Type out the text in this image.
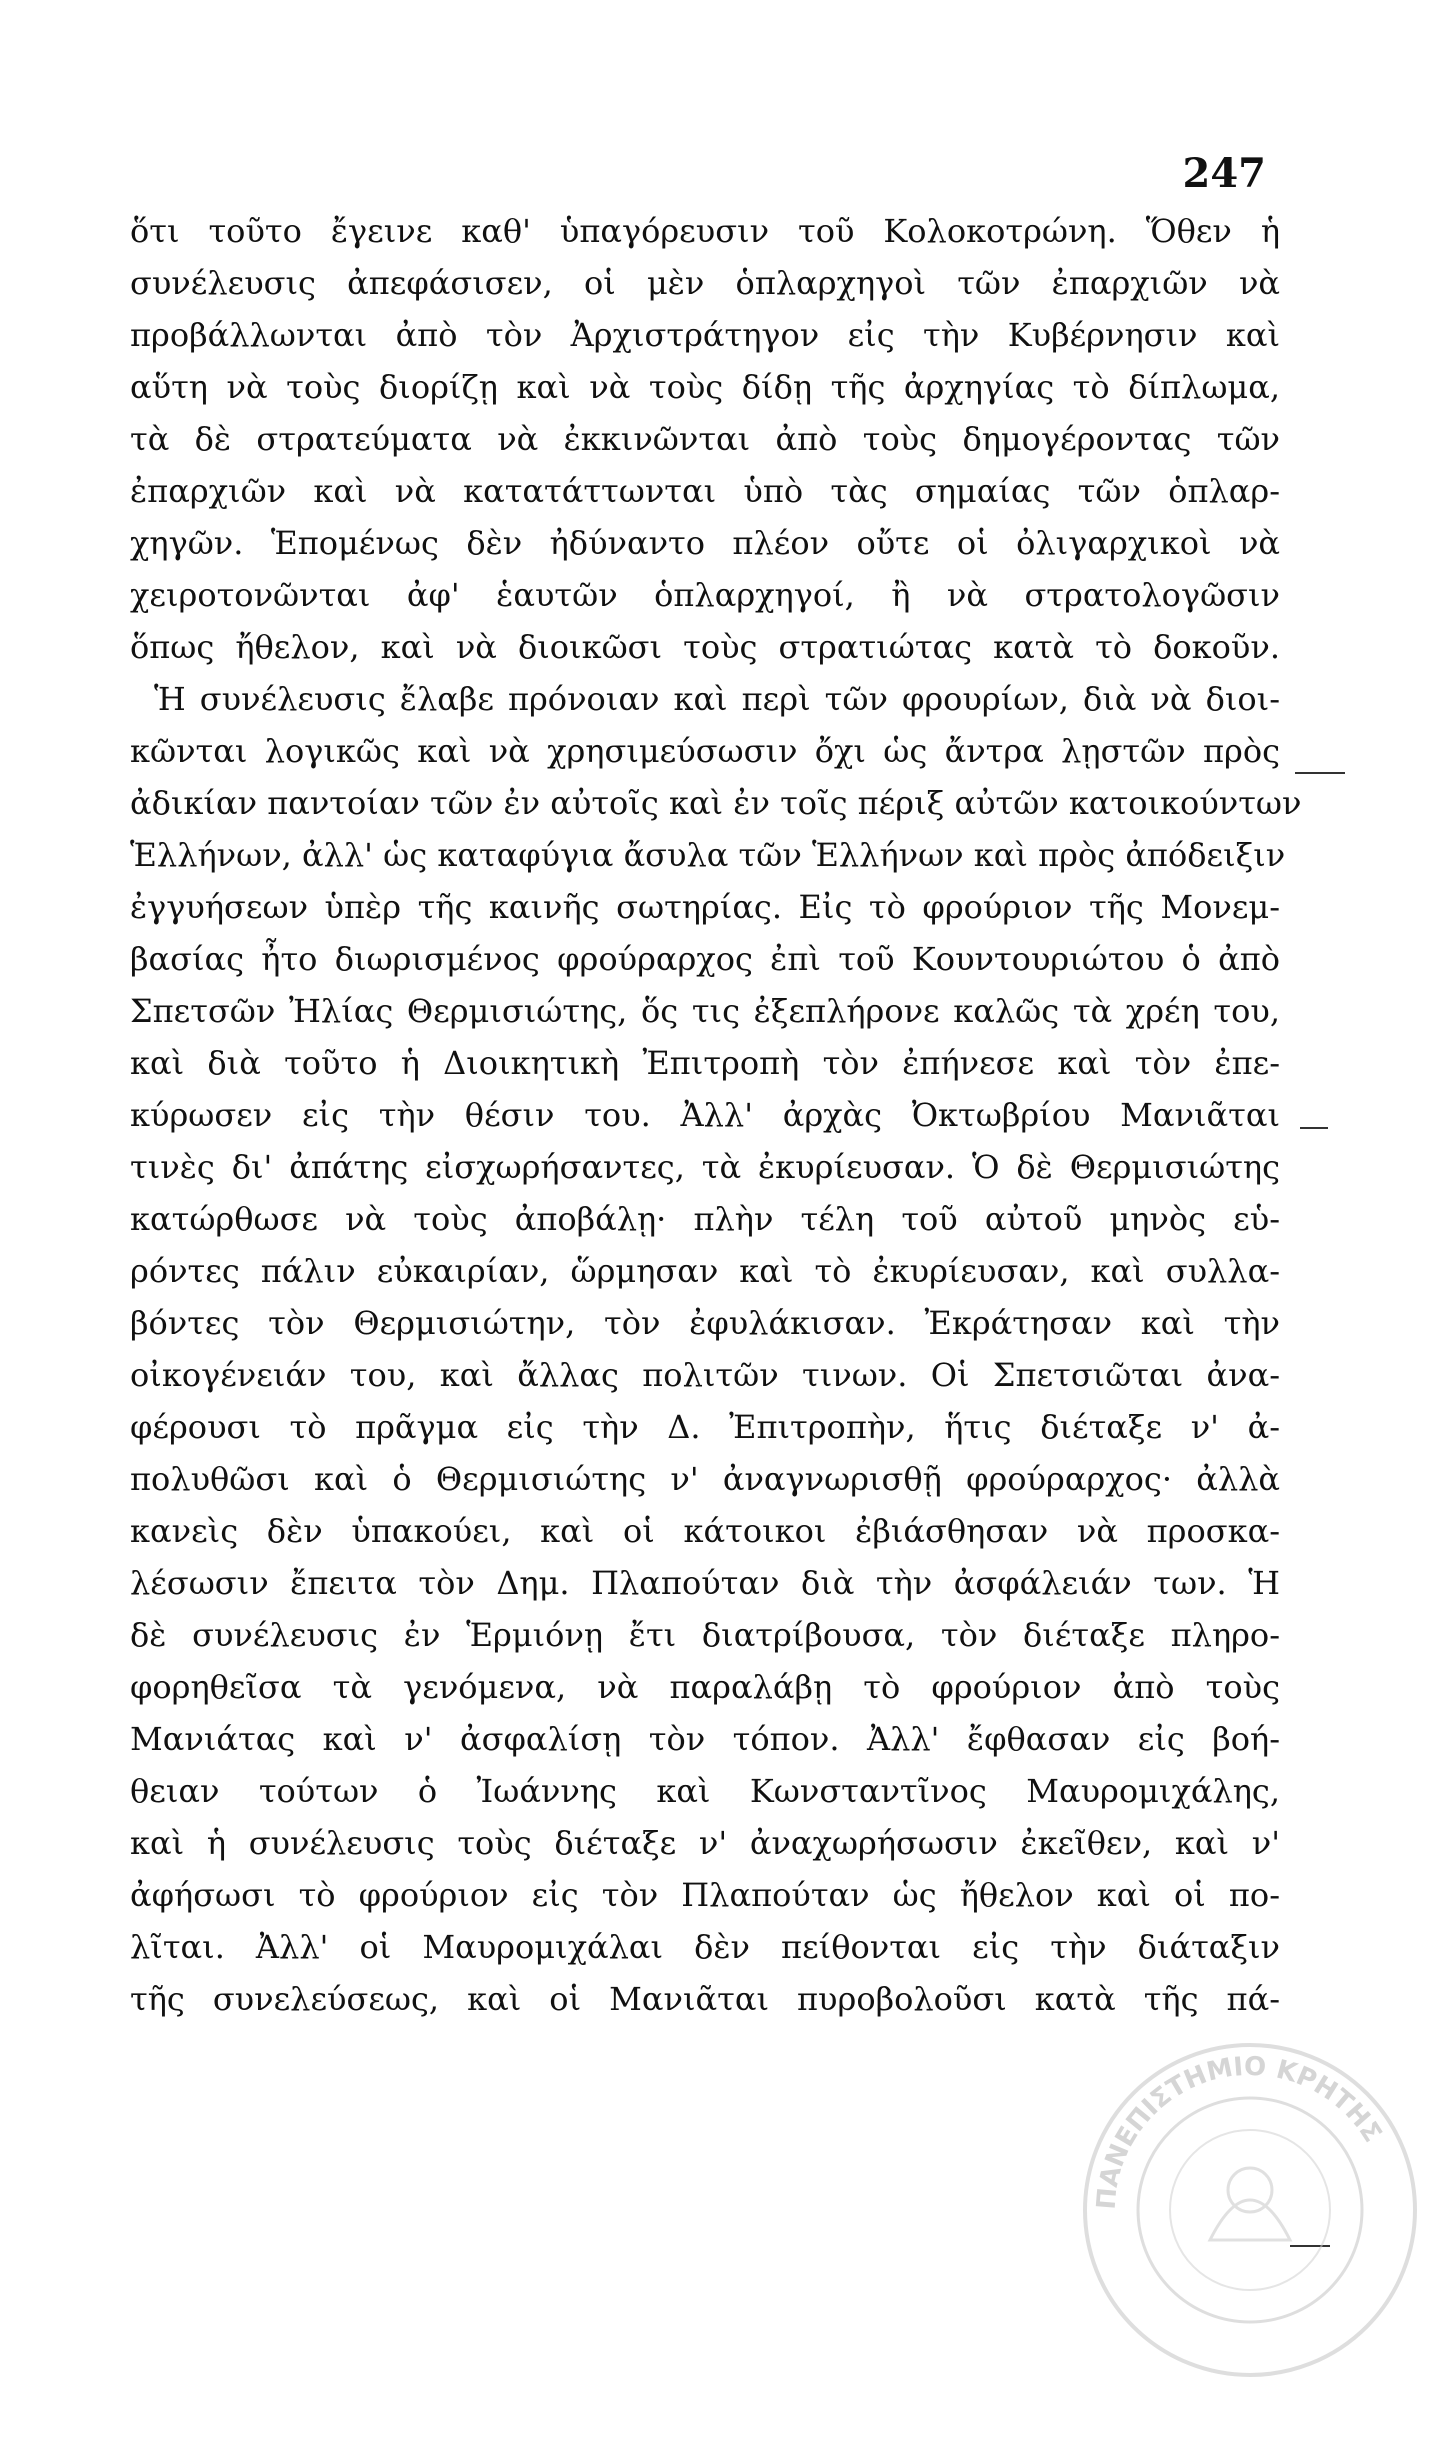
247
ὅτι τοῦτο ἔγεινε καθ' ὑπαγόρευσιν τοῦ Κολοκοτρώνη. Ὅθεν ἡ
συνέλευσις ἀπεφάσισεν, οἱ μὲν ὁπλαρχηγοὶ τῶν ἐπαρχιῶν νὰ
προβάλλωνται ἀπὸ τὸν Ἀρχιστράτηγον εἰς τὴν Κυβέρνησιν καὶ
αὕτη νὰ τοὺς διορίζῃ καὶ νὰ τοὺς δίδῃ τῆς ἀρχηγίας τὸ δίπλωμα,
τὰ δὲ στρατεύματα νὰ ἐκκινῶνται ἀπὸ τοὺς δημογέροντας τῶν
ἐπαρχιῶν καὶ νὰ κατατάττωνται ὑπὸ τὰς σημαίας τῶν ὁπλαρ-
χηγῶν. Ἑπομένως δὲν ἠδύναντο πλέον οὔτε οἱ ὀλιγαρχικοὶ νὰ
χειροτονῶνται ἀφ' ἑαυτῶν ὁπλαρχηγοί, ἢ νὰ στρατολογῶσιν
ὅπως ἤθελον, καὶ νὰ διοικῶσι τοὺς στρατιώτας κατὰ τὸ δοκοῦν.
Ἡ συνέλευσις ἔλαβε πρόνοιαν καὶ περὶ τῶν φρουρίων, διὰ νὰ διοι-
κῶνται λογικῶς καὶ νὰ χρησιμεύσωσιν ὄχι ὡς ἄντρα λῃστῶν πρὸς
ἀδικίαν παντοίαν τῶν ἐν αὐτοῖς καὶ ἐν τοῖς πέριξ αὐτῶν κατοικούντων
Ἑλλήνων, ἀλλ' ὡς καταφύγια ἄσυλα τῶν Ἑλλήνων καὶ πρὸς ἀπόδειξιν
ἐγγυήσεων ὑπὲρ τῆς καινῆς σωτηρίας. Εἰς τὸ φρούριον τῆς Μονεμ-
βασίας ἦτο διωρισμένος φρούραρχος ἐπὶ τοῦ Κουντουριώτου ὁ ἀπὸ
Σπετσῶν Ἠλίας Θερμισιώτης, ὅς τις ἐξεπλήρονε καλῶς τὰ χρέη του,
καὶ διὰ τοῦτο ἡ Διοικητικὴ Ἐπιτροπὴ τὸν ἐπήνεσε καὶ τὸν ἐπε-
κύρωσεν εἰς τὴν θέσιν του. Ἀλλ' ἀρχὰς Ὀκτωβρίου Μανιᾶται
τινὲς δι' ἀπάτης εἰσχωρήσαντες, τὰ ἐκυρίευσαν. Ὁ δὲ Θερμισιώτης
κατώρθωσε νὰ τοὺς ἀποβάλῃ· πλὴν τέλη τοῦ αὐτοῦ μηνὸς εὑ-
ρόντες πάλιν εὐκαιρίαν, ὥρμησαν καὶ τὸ ἐκυρίευσαν, καὶ συλλα-
βόντες τὸν Θερμισιώτην, τὸν ἐφυλάκισαν. Ἐκράτησαν καὶ τὴν
οἰκογένειάν του, καὶ ἄλλας πολιτῶν τινων. Οἱ Σπετσιῶται ἀνα-
φέρουσι τὸ πρᾶγμα εἰς τὴν Δ. Ἐπιτροπὴν, ἥτις διέταξε ν' ἀ-
πολυθῶσι καὶ ὁ Θερμισιώτης ν' ἀναγνωρισθῇ φρούραρχος· ἀλλὰ
κανεὶς δὲν ὑπακούει, καὶ οἱ κάτοικοι ἐβιάσθησαν νὰ προσκα-
λέσωσιν ἔπειτα τὸν Δημ. Πλαπούταν διὰ τὴν ἀσφάλειάν των. Ἡ
δὲ συνέλευσις ἐν Ἑρμιόνῃ ἔτι διατρίβουσα, τὸν διέταξε πληρο-
φορηθεῖσα τὰ γενόμενα, νὰ παραλάβῃ τὸ φρούριον ἀπὸ τοὺς
Μανιάτας καὶ ν' ἀσφαλίσῃ τὸν τόπον. Ἀλλ' ἔφθασαν εἰς βοή-
θειαν τούτων ὁ Ἰωάννης καὶ Κωνσταντῖνος Μαυρομιχάλης,
καὶ ἡ συνέλευσις τοὺς διέταξε ν' ἀναχωρήσωσιν ἐκεῖθεν, καὶ ν'
ἀφήσωσι τὸ φρούριον εἰς τὸν Πλαπούταν ὡς ἤθελον καὶ οἱ πο-
λῖται. Ἀλλ' οἱ Μαυρομιχάλαι δὲν πείθονται εἰς τὴν διάταξιν
τῆς συνελεύσεως, καὶ οἱ Μανιᾶται πυροβολοῦσι κατὰ τῆς πά-
ΠΑΝΕΠΙΣΤΗΜΙΟ ΚΡΗΤΗΣ
